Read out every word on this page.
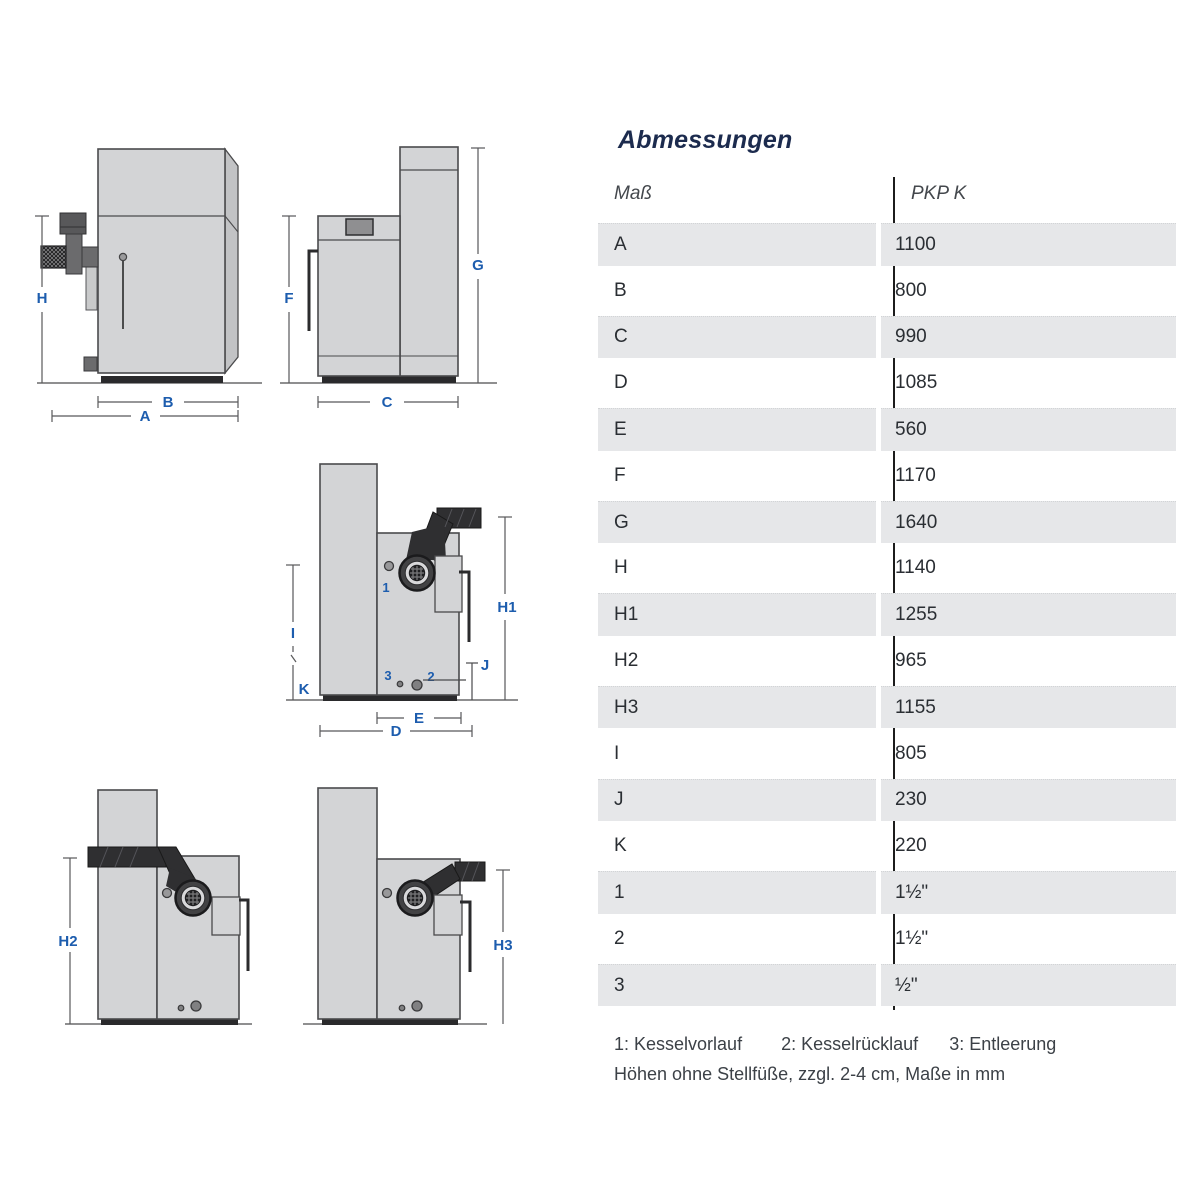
H
B
A
F
G
C
1
2
3
J
H1
I
K
E
D
H2	H3
Abmessungen
Maß	PKP K
A	1100
B	800
C	990
D	1085
E	560
F	1170
G	1640
H	1140
H1	1255
H2	965
H3	1155
I	805
J	230
K	220
1	1½"
2	1½"
3	½"
1: Kesselvorlauf 2: Kesselrücklauf 3: Entleerung
Höhen ohne Stellfüße, zzgl. 2-4 cm, Maße in mm
